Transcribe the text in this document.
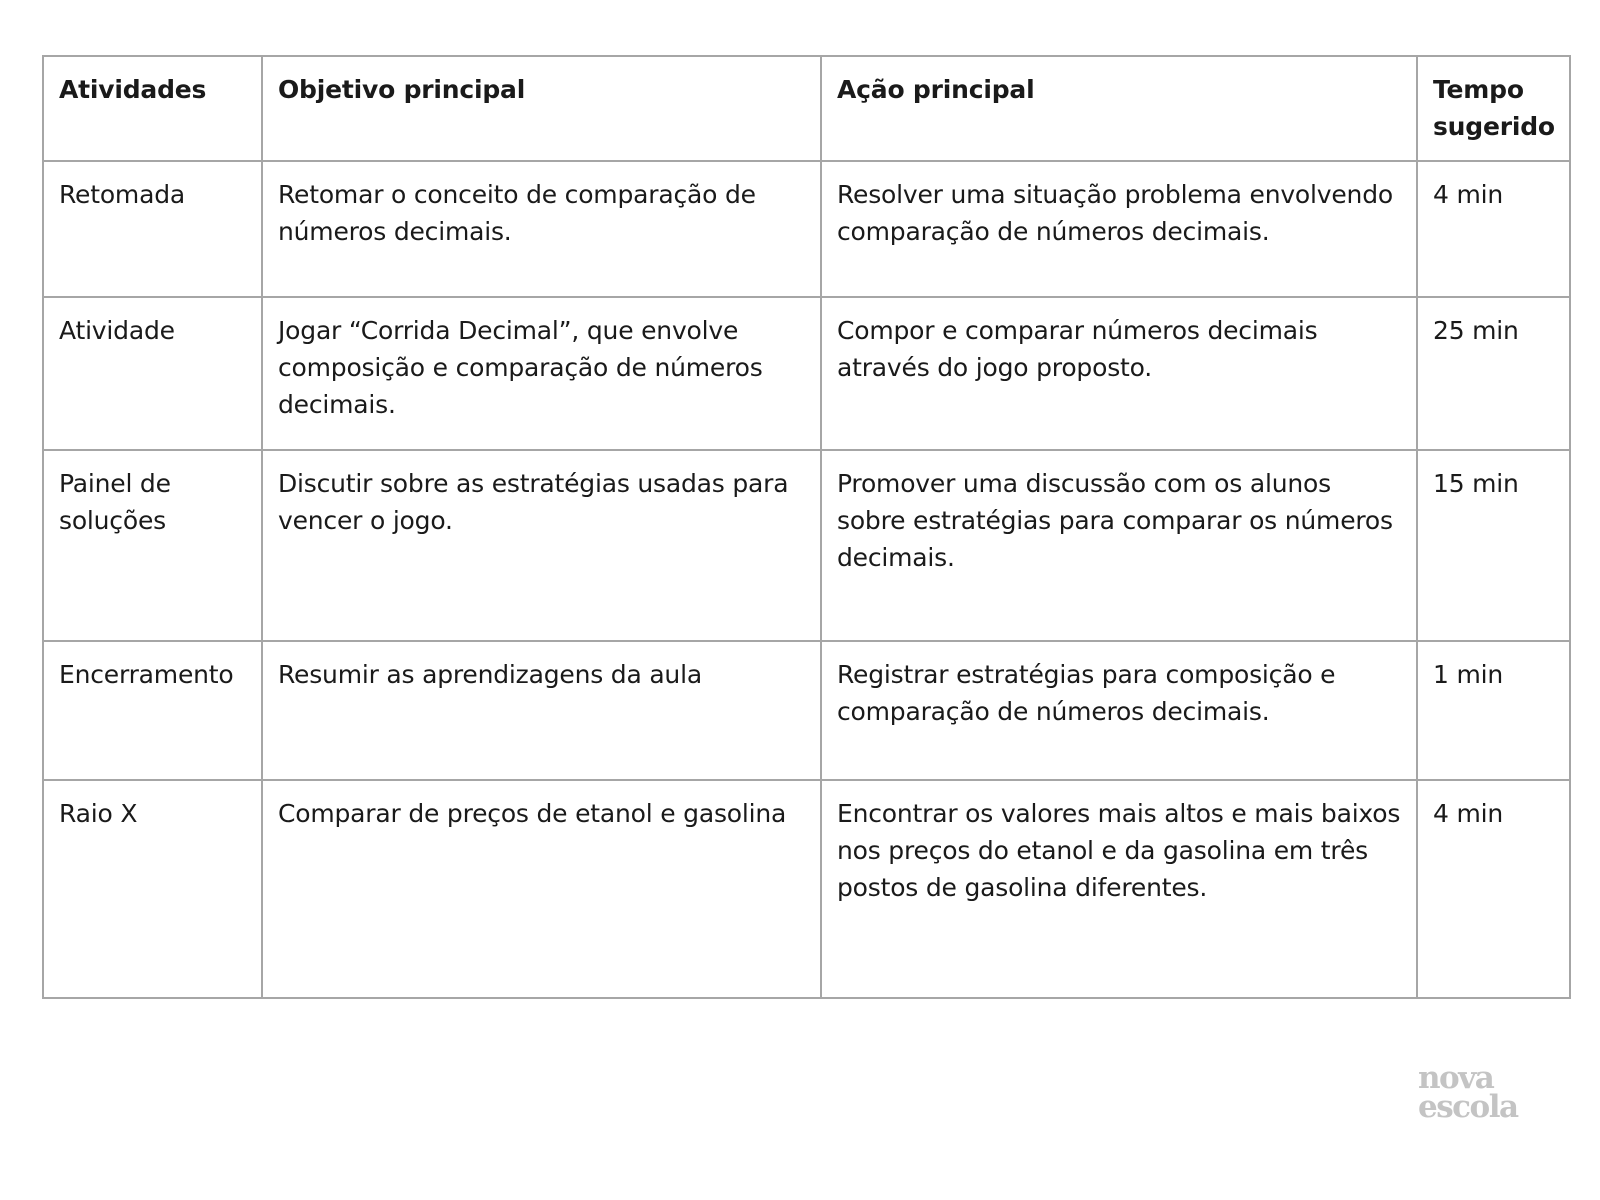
Atividades	Objetivo principal	Ação principal	Tempo sugerido
Retomada	Retomar o conceito de comparação de números decimais.	Resolver uma situação problema envolvendo comparação de números decimais.	4 min
Atividade	Jogar “Corrida Decimal”, que envolve composição e comparação de números decimais.	Compor e comparar números decimais através do jogo proposto.	25 min
Painel de soluções	Discutir sobre as estratégias usadas para vencer o jogo.	Promover uma discussão com os alunos sobre estratégias para comparar os números decimais.	15 min
Encerramento	Resumir as aprendizagens da aula	Registrar estratégias para composição e comparação de números decimais.	1 min
Raio X	Comparar de preços de etanol e gasolina	Encontrar os valores mais altos e mais baixos nos preços do etanol e da gasolina em três postos de gasolina diferentes.	4 min
nova
escola
